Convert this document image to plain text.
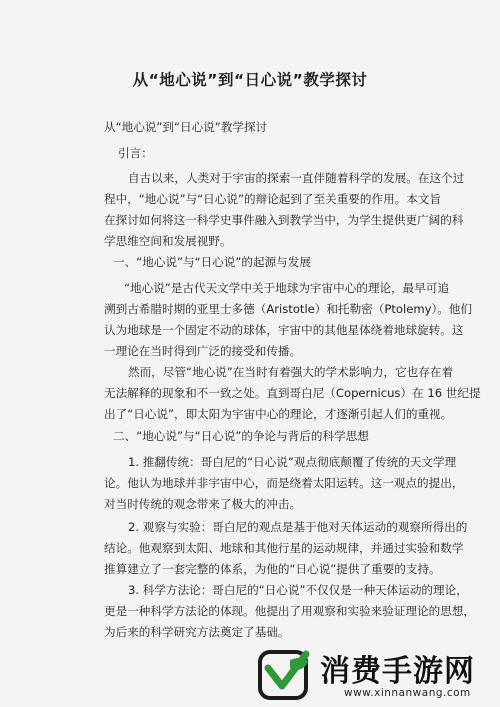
从“地心说”到“日心说”教学探讨
从“地心说”到“日心说”教学探讨
引言：
自古以来，人类对于宇宙的探索一直伴随着科学的发展。在这个过
程中，“地心说”与“日心说”的辩论起到了至关重要的作用。本文旨
在探讨如何将这一科学史事件融入到教学当中，为学生提供更广阔的科
学思维空间和发展视野。
一、“地心说”与“日心说”的起源与发展
“地心说”是古代天文学中关于地球为宇宙中心的理论，最早可追
溯到古希腊时期的亚里士多德（Aristotle）和托勒密（Ptolemy）。他们
认为地球是一个固定不动的球体，宇宙中的其他星体绕着地球旋转。这
一理论在当时得到广泛的接受和传播。
然而，尽管“地心说”在当时有着强大的学术影响力，它也存在着
无法解释的现象和不一致之处。直到哥白尼（Copernicus）在 16 世纪提
出了“日心说”，即太阳为宇宙中心的理论，才逐渐引起人们的重视。
二、“地心说”与“日心说”的争论与背后的科学思想
1. 推翻传统：哥白尼的“日心说”观点彻底颠覆了传统的天文学理
论。他认为地球并非宇宙中心，而是绕着太阳运转。这一观点的提出，
对当时传统的观念带来了极大的冲击。
2. 观察与实验：哥白尼的观点是基于他对天体运动的观察所得出的
结论。他观察到太阳、地球和其他行星的运动规律，并通过实验和数学
推算建立了一套完整的体系，为他的“日心说”提供了重要的支持。
3. 科学方法论：哥白尼的“日心说”不仅仅是一种天体运动的理论，
更是一种科学方法论的体现。他提出了用观察和实验来验证理论的思想，
为后来的科学研究方法奠定了基础。
消费手游网
www.xinnanwang.com
